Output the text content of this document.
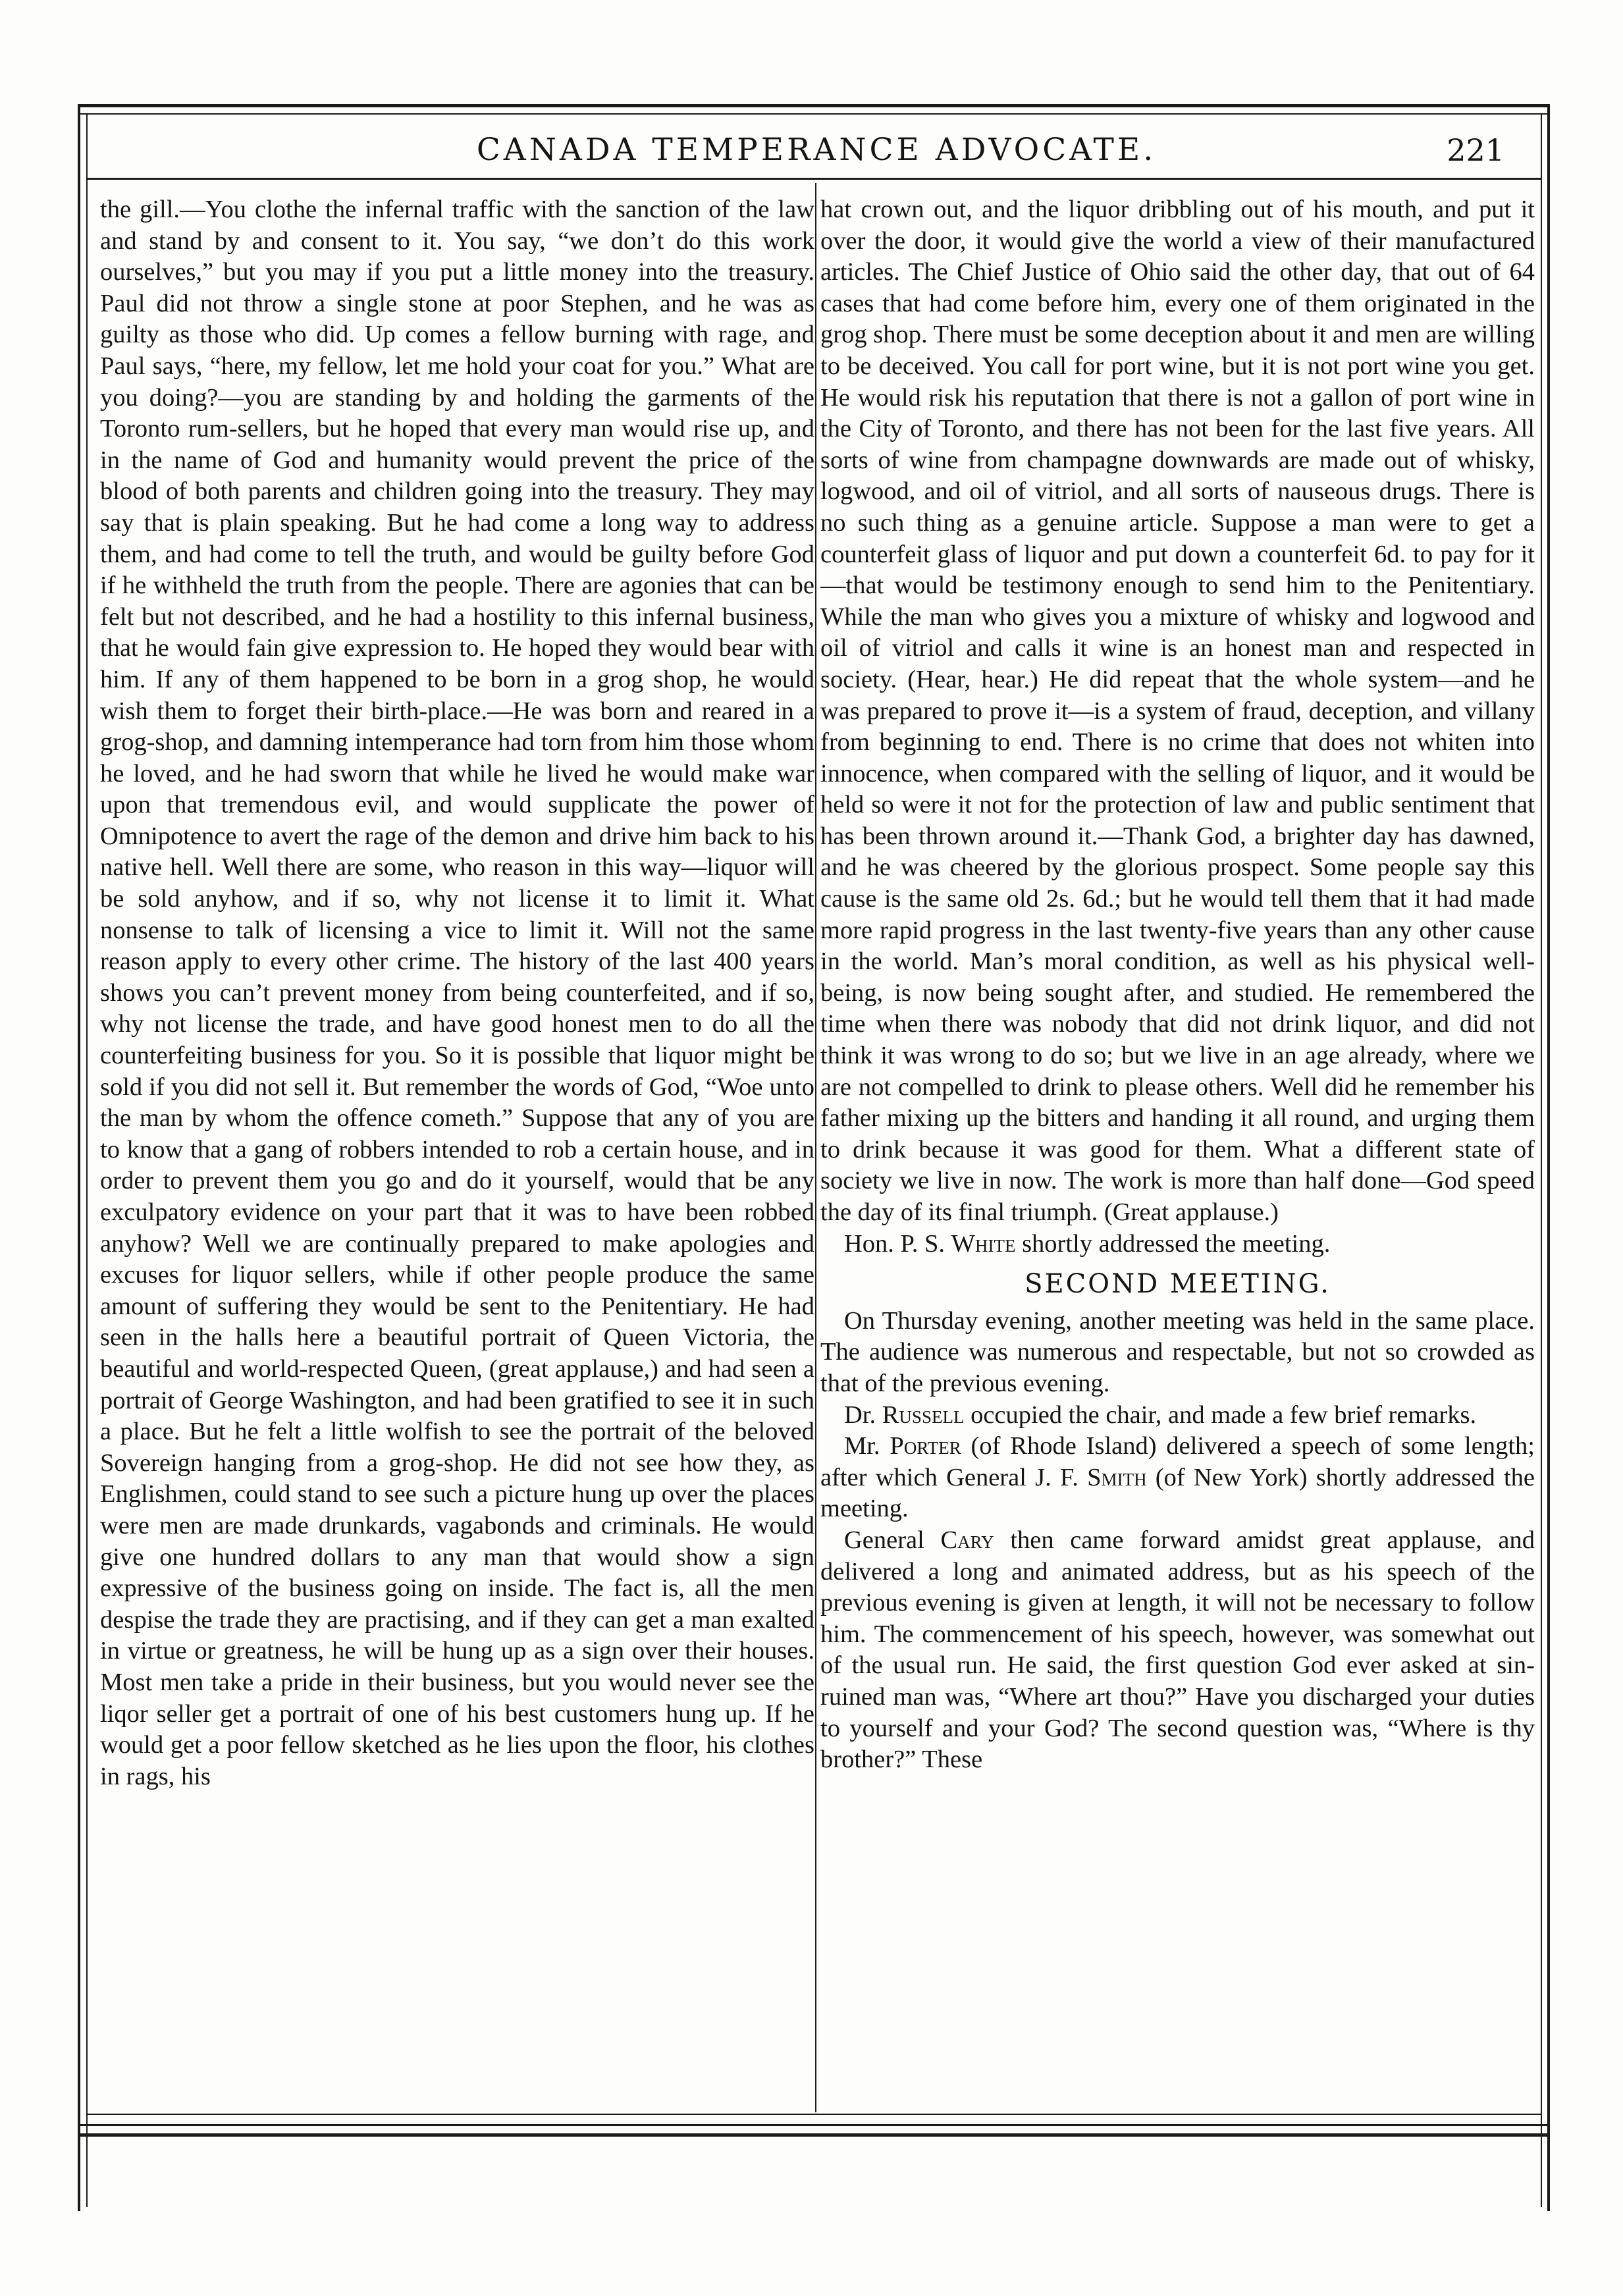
CANADA TEMPERANCE ADVOCATE.	221

the gill.—You clothe the infernal traffic with the sanction of the law and stand by and consent to it. You say, “we don’t do this work ourselves,” but you may if you put a little money into the treasury. Paul did not throw a single stone at poor Stephen, and he was as guilty as those who did. Up comes a fellow burning with rage, and Paul says, “here, my fellow, let me hold your coat for you.” What are you doing?—you are standing by and holding the garments of the Toronto rum-sellers, but he hoped that every man would rise up, and in the name of God and humanity would prevent the price of the blood of both parents and children going into the treasury. They may say that is plain speaking. But he had come a long way to address them, and had come to tell the truth, and would be guilty before God if he withheld the truth from the people. There are agonies that can be felt but not described, and he had a hostility to this infernal business, that he would fain give expression to. He hoped they would bear with him. If any of them happened to be born in a grog shop, he would wish them to forget their birth-place.—He was born and reared in a grog-shop, and damning intemperance had torn from him those whom he loved, and he had sworn that while he lived he would make war upon that tremendous evil, and would supplicate the power of Omnipotence to avert the rage of the demon and drive him back to his native hell. Well there are some, who reason in this way—liquor will be sold anyhow, and if so, why not license it to limit it. What nonsense to talk of licensing a vice to limit it. Will not the same reason apply to every other crime. The history of the last 400 years shows you can’t prevent money from being counterfeited, and if so, why not license the trade, and have good honest men to do all the counterfeiting business for you. So it is possible that liquor might be sold if you did not sell it. But remember the words of God, “Woe unto the man by whom the offence cometh.” Suppose that any of you are to know that a gang of robbers intended to rob a certain house, and in order to prevent them you go and do it yourself, would that be any exculpatory evidence on your part that it was to have been robbed anyhow? Well we are continually prepared to make apologies and excuses for liquor sellers, while if other people produce the same amount of suffering they would be sent to the Penitentiary. He had seen in the halls here a beautiful portrait of Queen Victoria, the beautiful and world-respected Queen, (great applause,) and had seen a portrait of George Washington, and had been gratified to see it in such a place. But he felt a little wolfish to see the portrait of the beloved Sovereign hanging from a grog-shop. He did not see how they, as Englishmen, could stand to see such a picture hung up over the places were men are made drunkards, vagabonds and criminals. He would give one hundred dollars to any man that would show a sign expressive of the business going on inside. The fact is, all the men despise the trade they are practising, and if they can get a man exalted in virtue or greatness, he will be hung up as a sign over their houses. Most men take a pride in their business, but you would never see the liqor seller get a portrait of one of his best customers hung up. If he would get a poor fellow sketched as he lies upon the floor, his clothes in rags, his

hat crown out, and the liquor dribbling out of his mouth, and put it over the door, it would give the world a view of their manufactured articles. The Chief Justice of Ohio said the other day, that out of 64 cases that had come before him, every one of them originated in the grog shop. There must be some deception about it and men are willing to be deceived. You call for port wine, but it is not port wine you get. He would risk his reputation that there is not a gallon of port wine in the City of Toronto, and there has not been for the last five years. All sorts of wine from champagne downwards are made out of whisky, logwood, and oil of vitriol, and all sorts of nauseous drugs. There is no such thing as a genuine article. Suppose a man were to get a counterfeit glass of liquor and put down a counterfeit 6d. to pay for it—that would be testimony enough to send him to the Penitentiary. While the man who gives you a mixture of whisky and logwood and oil of vitriol and calls it wine is an honest man and respected in society. (Hear, hear.) He did repeat that the whole system—and he was prepared to prove it—is a system of fraud, deception, and villany from beginning to end. There is no crime that does not whiten into innocence, when compared with the selling of liquor, and it would be held so were it not for the protection of law and public sentiment that has been thrown around it.—Thank God, a brighter day has dawned, and he was cheered by the glorious prospect. Some people say this cause is the same old 2s. 6d.; but he would tell them that it had made more rapid progress in the last twenty-five years than any other cause in the world. Man’s moral condition, as well as his physical well-being, is now being sought after, and studied. He remembered the time when there was nobody that did not drink liquor, and did not think it was wrong to do so; but we live in an age already, where we are not compelled to drink to please others. Well did he remember his father mixing up the bitters and handing it all round, and urging them to drink because it was good for them. What a different state of society we live in now. The work is more than half done—God speed the day of its final triumph. (Great applause.)

Hon. P. S. White shortly addressed the meeting.

SECOND MEETING.

On Thursday evening, another meeting was held in the same place. The audience was numerous and respectable, but not so crowded as that of the previous evening.

Dr. Russell occupied the chair, and made a few brief remarks.

Mr. Porter (of Rhode Island) delivered a speech of some length; after which General J. F. Smith (of New York) shortly addressed the meeting.

General Cary then came forward amidst great applause, and delivered a long and animated address, but as his speech of the previous evening is given at length, it will not be necessary to follow him. The commencement of his speech, however, was somewhat out of the usual run. He said, the first question God ever asked at sin-ruined man was, “Where art thou?” Have you discharged your duties to yourself and your God? The second question was, “Where is thy brother?” These
